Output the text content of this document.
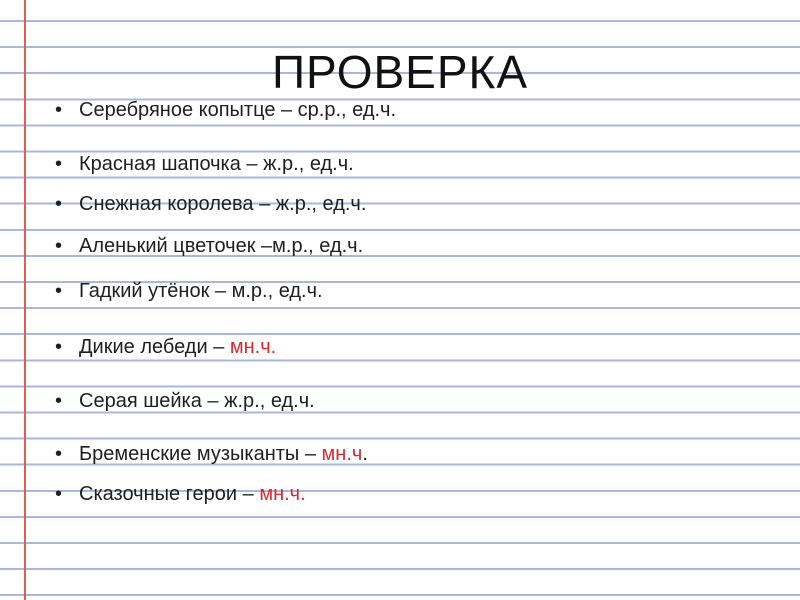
ПРОВЕРКА
• Серебряное копытце – ср.р., ед.ч.
• Красная шапочка – ж.р., ед.ч.
• Снежная королева – ж.р., ед.ч.
• Аленький цветочек –м.р., ед.ч.
• Гадкий утёнок – м.р., ед.ч.
• Дикие лебеди – мн.ч.
• Серая шейка – ж.р., ед.ч.
• Бременские музыканты – мн.ч.
• Сказочные герои – мн.ч.
